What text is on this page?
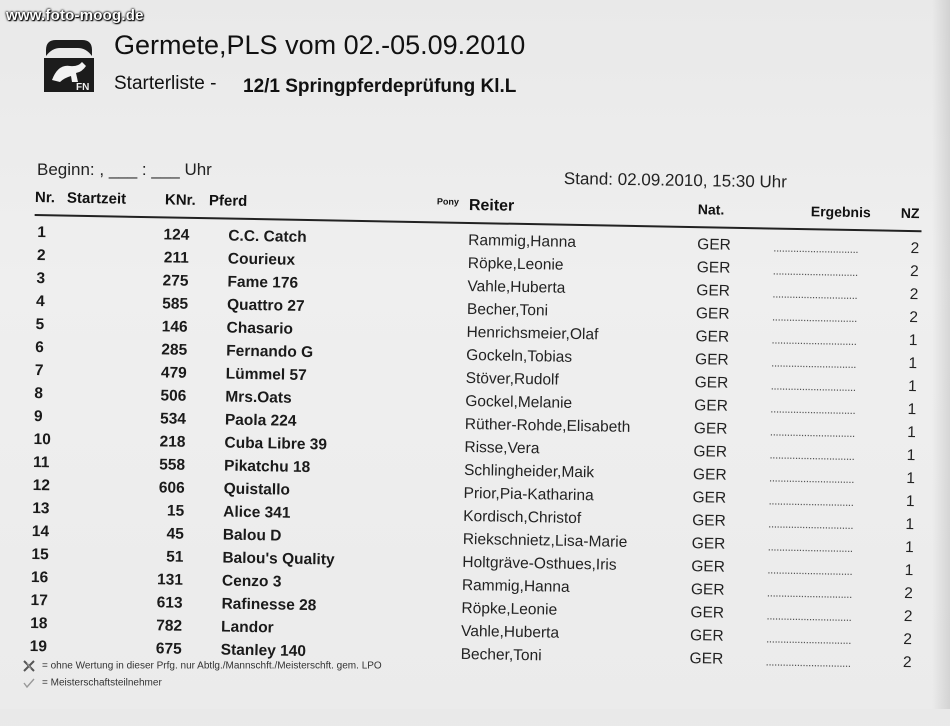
www.foto-moog.de
FN
Germete,PLS vom 02.-05.09.2010
Starterliste - 12/1 Springpferdeprüfung Kl.L
Beginn: , ___ : ___ Uhr	Stand: 02.09.2010, 15:30 Uhr
Nr. Startzeit	KNr. Pferd	Pony Reiter	Nat.	Ergebnis NZ
1	124 C.C. Catch	Rammig,Hanna	GER	..............................	2
2	211 Courieux	Röpke,Leonie	GER	..............................	2
3	275 Fame 176	Vahle,Huberta	GER	..............................	2
4	585 Quattro 27	Becher,Toni	GER	..............................	2
5	146 Chasario	Henrichsmeier,Olaf	GER	..............................	1
6	285 Fernando G	Gockeln,Tobias	GER	..............................	1
7	479 Lümmel 57	Stöver,Rudolf	GER	..............................	1
8	506 Mrs.Oats	Gockel,Melanie	GER	..............................	1
9	534 Paola 224	Rüther-Rohde,Elisabeth	GER	..............................	1
10	218 Cuba Libre 39	Risse,Vera	GER	..............................	1
11	558 Pikatchu 18	Schlingheider,Maik	GER	..............................	1
12	606 Quistallo	Prior,Pia-Katharina	GER	..............................	1
13	15 Alice 341	Kordisch,Christof	GER	..............................	1
14	45 Balou D	Riekschnietz,Lisa-Marie	GER	..............................	1
15	51 Balou's Quality	Holtgräve-Osthues,Iris	GER	..............................	1
16	131 Cenzo 3	Rammig,Hanna	GER	..............................	2
17	613 Rafinesse 28	Röpke,Leonie	GER	..............................	2
18	782 Landor	Vahle,Huberta	GER	..............................	2
19	675 Stanley 140	Becher,Toni	GER	..............................	2
= ohne Wertung in dieser Prfg. nur Abtlg./Mannschft./Meisterschft. gem. LPO
= Meisterschaftsteilnehmer
